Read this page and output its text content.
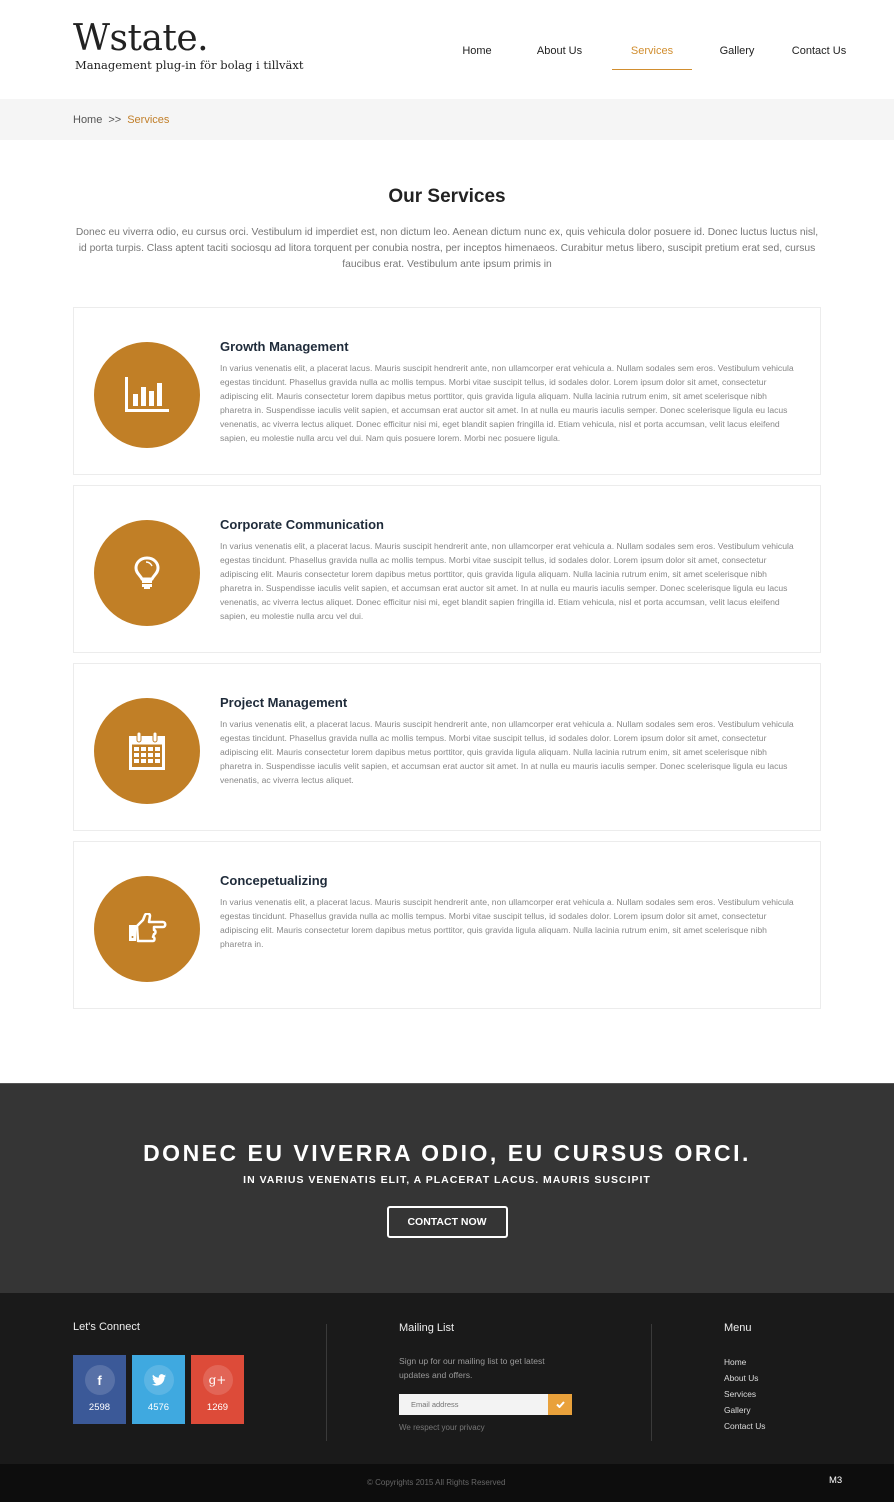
Wstate.
Management plug-in för bolag i tillväxt
Home	About Us	Services	Gallery	Contact Us
Home >> Services
Our Services

Donec eu viverra odio, eu cursus orci. Vestibulum id imperdiet est, non dictum leo. Aenean dictum nunc ex, quis vehicula dolor posuere id. Donec luctus luctus nisl, id porta turpis. Class aptent taciti sociosqu ad litora torquent per conubia nostra, per inceptos himenaeos. Curabitur metus libero, suscipit pretium erat sed, cursus faucibus erat. Vestibulum ante ipsum primis in

Growth Management

In varius venenatis elit, a placerat lacus. Mauris suscipit hendrerit ante, non ullamcorper erat vehicula a. Nullam sodales sem eros. Vestibulum vehicula egestas tincidunt. Phasellus gravida nulla ac mollis tempus. Morbi vitae suscipit tellus, id sodales dolor. Lorem ipsum dolor sit amet, consectetur adipiscing elit. Mauris consectetur lorem dapibus metus porttitor, quis gravida ligula aliquam. Nulla lacinia rutrum enim, sit amet scelerisque nibh pharetra in. Suspendisse iaculis velit sapien, et accumsan erat auctor sit amet. In at nulla eu mauris iaculis semper. Donec scelerisque ligula eu lacus venenatis, ac viverra lectus aliquet. Donec efficitur nisi mi, eget blandit sapien fringilla id. Etiam vehicula, nisl et porta accumsan, velit lacus eleifend sapien, eu molestie nulla arcu vel dui. Nam quis posuere lorem. Morbi nec posuere ligula.

Corporate Communication

In varius venenatis elit, a placerat lacus. Mauris suscipit hendrerit ante, non ullamcorper erat vehicula a. Nullam sodales sem eros. Vestibulum vehicula egestas tincidunt. Phasellus gravida nulla ac mollis tempus. Morbi vitae suscipit tellus, id sodales dolor. Lorem ipsum dolor sit amet, consectetur adipiscing elit. Mauris consectetur lorem dapibus metus porttitor, quis gravida ligula aliquam. Nulla lacinia rutrum enim, sit amet scelerisque nibh pharetra in. Suspendisse iaculis velit sapien, et accumsan erat auctor sit amet. In at nulla eu mauris iaculis semper. Donec scelerisque ligula eu lacus venenatis, ac viverra lectus aliquet. Donec efficitur nisi mi, eget blandit sapien fringilla id. Etiam vehicula, nisl et porta accumsan, velit lacus eleifend sapien, eu molestie nulla arcu vel dui.

Project Management

In varius venenatis elit, a placerat lacus. Mauris suscipit hendrerit ante, non ullamcorper erat vehicula a. Nullam sodales sem eros. Vestibulum vehicula egestas tincidunt. Phasellus gravida nulla ac mollis tempus. Morbi vitae suscipit tellus, id sodales dolor. Lorem ipsum dolor sit amet, consectetur adipiscing elit. Mauris consectetur lorem dapibus metus porttitor, quis gravida ligula aliquam. Nulla lacinia rutrum enim, sit amet scelerisque nibh pharetra in. Suspendisse iaculis velit sapien, et accumsan erat auctor sit amet. In at nulla eu mauris iaculis semper. Donec scelerisque ligula eu lacus venenatis, ac viverra lectus aliquet.

Concepetualizing

In varius venenatis elit, a placerat lacus. Mauris suscipit hendrerit ante, non ullamcorper erat vehicula a. Nullam sodales sem eros. Vestibulum vehicula egestas tincidunt. Phasellus gravida nulla ac mollis tempus. Morbi vitae suscipit tellus, id sodales dolor. Lorem ipsum dolor sit amet, consectetur adipiscing elit. Mauris consectetur lorem dapibus metus porttitor, quis gravida ligula aliquam. Nulla lacinia rutrum enim, sit amet scelerisque nibh pharetra in.

DONEC EU VIVERRA ODIO, EU CURSUS ORCI.

IN VARIUS VENENATIS ELIT, A PLACERAT LACUS. MAURIS SUSCIPIT

CONTACT NOW
Let's Connect
f
2598	4576
g+
1269
Mailing List
Sign up for our mailing list to get latest updates and offers.
Email address
We respect your privacy
Menu
Home
About Us
Services
Gallery
Contact Us
© Copyrights 2015 All Rights Reserved	M3
